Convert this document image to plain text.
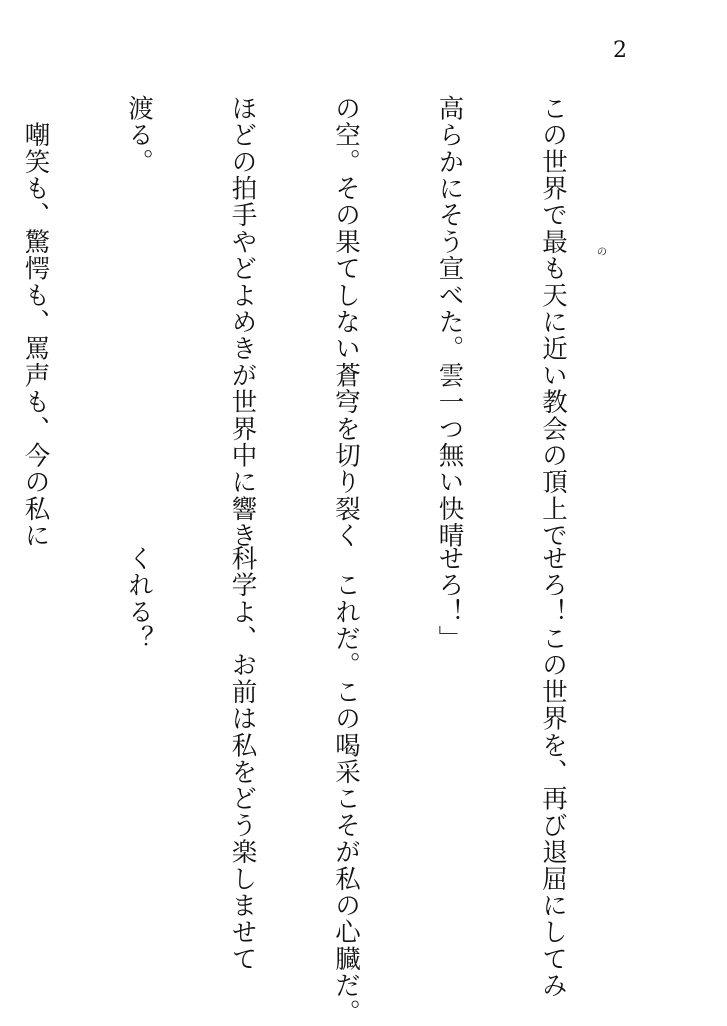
2

この世界で最も天に近い教会の頂上で

高らかにそう宣べた。雲一つ無い快晴

の空。その果てしない蒼穹を切り裂く

ほどの拍手やどよめきが世界中に響き

渡る。

　嘲笑も、驚愕も、罵声も、今の私に

	の

せろ！この世界を、再び退屈にしてみ

せろ！」

　これだ。この喝采こそが私の心臓だ。

科学よ、お前は私をどう楽しませて

くれる？
